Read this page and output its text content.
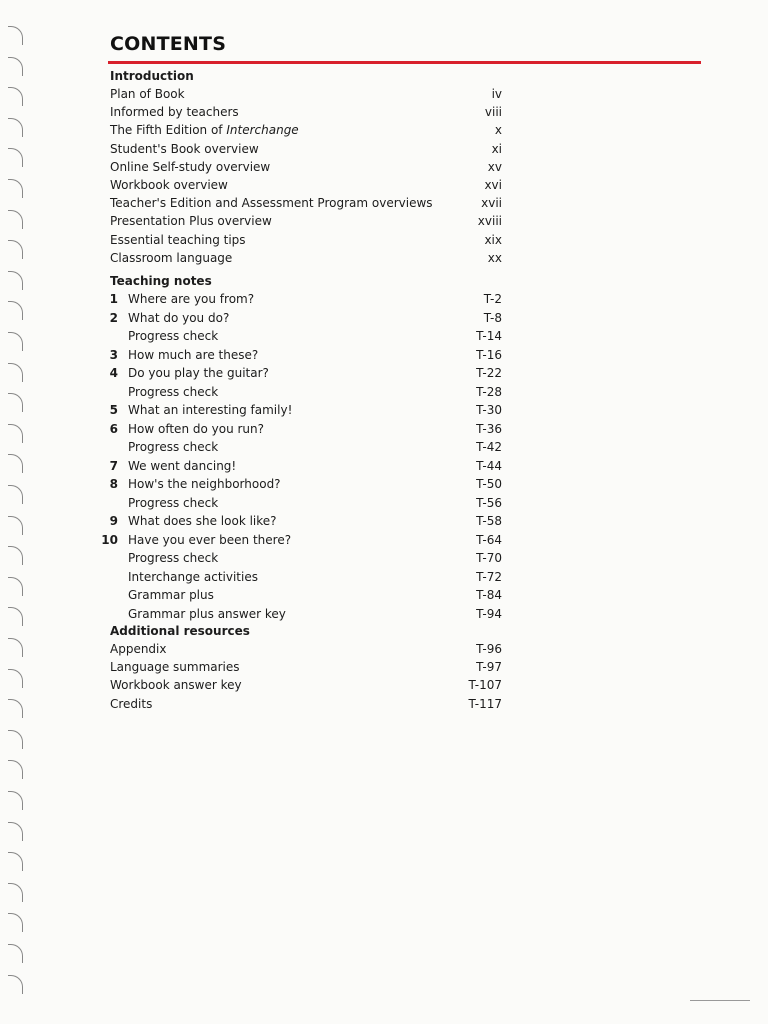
CONTENTS
Introduction
Plan of Book	iv
Informed by teachers	viii
The Fifth Edition of Interchange	x
Student's Book overview	xi
Online Self-study overview	xv
Workbook overview	xvi
Teacher's Edition and Assessment Program overviews	xvii
Presentation Plus overview	xviii
Essential teaching tips	xix
Classroom language	xx
Teaching notes
1 Where are you from?	T-2
2 What do you do?	T-8
Progress check	T-14
3 How much are these?	T-16
4 Do you play the guitar?	T-22
Progress check	T-28
5 What an interesting family!	T-30
6 How often do you run?	T-36
Progress check	T-42
7 We went dancing!	T-44
8 How's the neighborhood?	T-50
Progress check	T-56
9 What does she look like?	T-58
10 Have you ever been there?	T-64
Progress check	T-70
Interchange activities	T-72
Grammar plus	T-84
Grammar plus answer key	T-94
Additional resources
Appendix	T-96
Language summaries	T-97
Workbook answer key	T-107
Credits	T-117
